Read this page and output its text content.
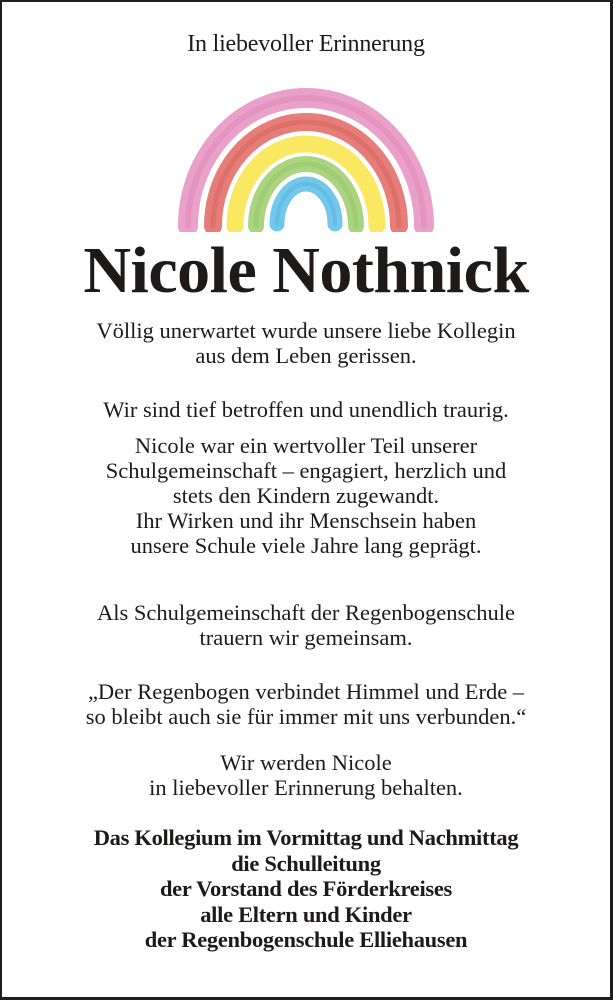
In liebevoller Erinnerung
Nicole Nothnick
Völlig unerwartet wurde unsere liebe Kollegin
aus dem Leben gerissen.
Wir sind tief betroffen und unendlich traurig.
Nicole war ein wertvoller Teil unserer
Schulgemeinschaft – engagiert, herzlich und
stets den Kindern zugewandt.
Ihr Wirken und ihr Menschsein haben
unsere Schule viele Jahre lang geprägt.
Als Schulgemeinschaft der Regenbogenschule
trauern wir gemeinsam.
„Der Regenbogen verbindet Himmel und Erde –
so bleibt auch sie für immer mit uns verbunden.“
Wir werden Nicole
in liebevoller Erinnerung behalten.
Das Kollegium im Vormittag und Nachmittag
die Schulleitung
der Vorstand des Förderkreises
alle Eltern und Kinder
der Regenbogenschule Elliehausen
